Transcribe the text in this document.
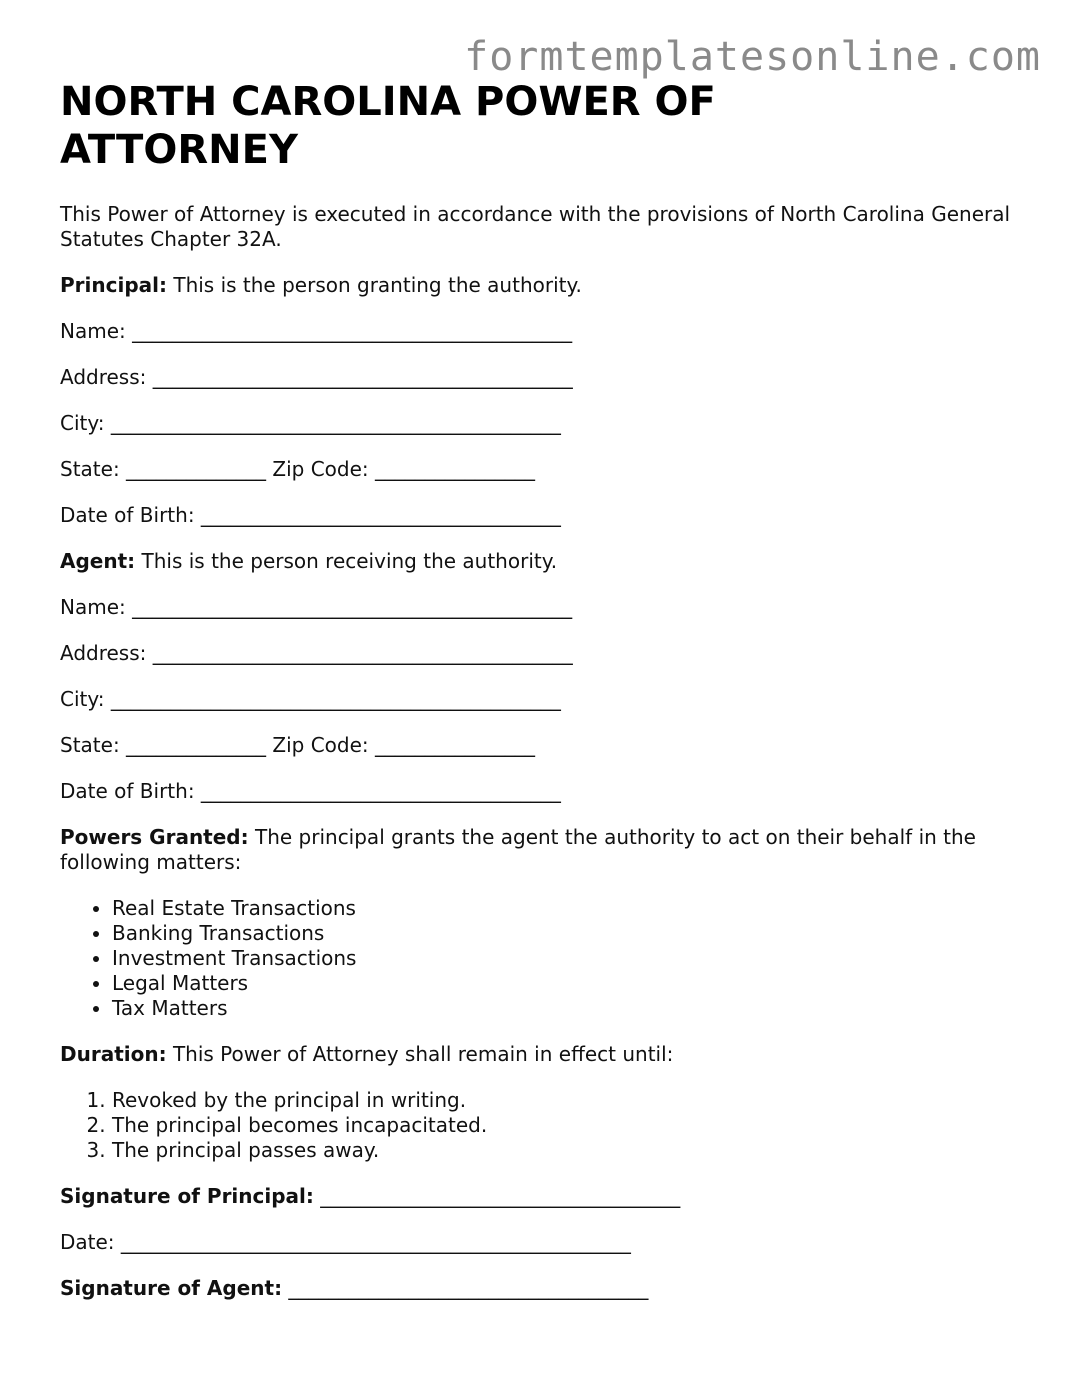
formtemplatesonline.com
NORTH CAROLINA POWER OF ATTORNEY

This Power of Attorney is executed in accordance with the provisions of North Carolina General Statutes Chapter 32A.

Principal: This is the person granting the authority.

Name: ____________________________________________

Address: __________________________________________

City: _____________________________________________

State: ______________ Zip Code: ________________

Date of Birth: ____________________________________

Agent: This is the person receiving the authority.

Name: ____________________________________________

Address: __________________________________________

City: _____________________________________________

State: ______________ Zip Code: ________________

Date of Birth: ____________________________________

Powers Granted: The principal grants the agent the authority to act on their behalf in the following matters:

• Real Estate Transactions
• Banking Transactions
• Investment Transactions
• Legal Matters
• Tax Matters

Duration: This Power of Attorney shall remain in effect until:

1. Revoked by the principal in writing.
2. The principal becomes incapacitated.
3. The principal passes away.

Signature of Principal: ____________________________________

Date: ___________________________________________________

Signature of Agent: ____________________________________
